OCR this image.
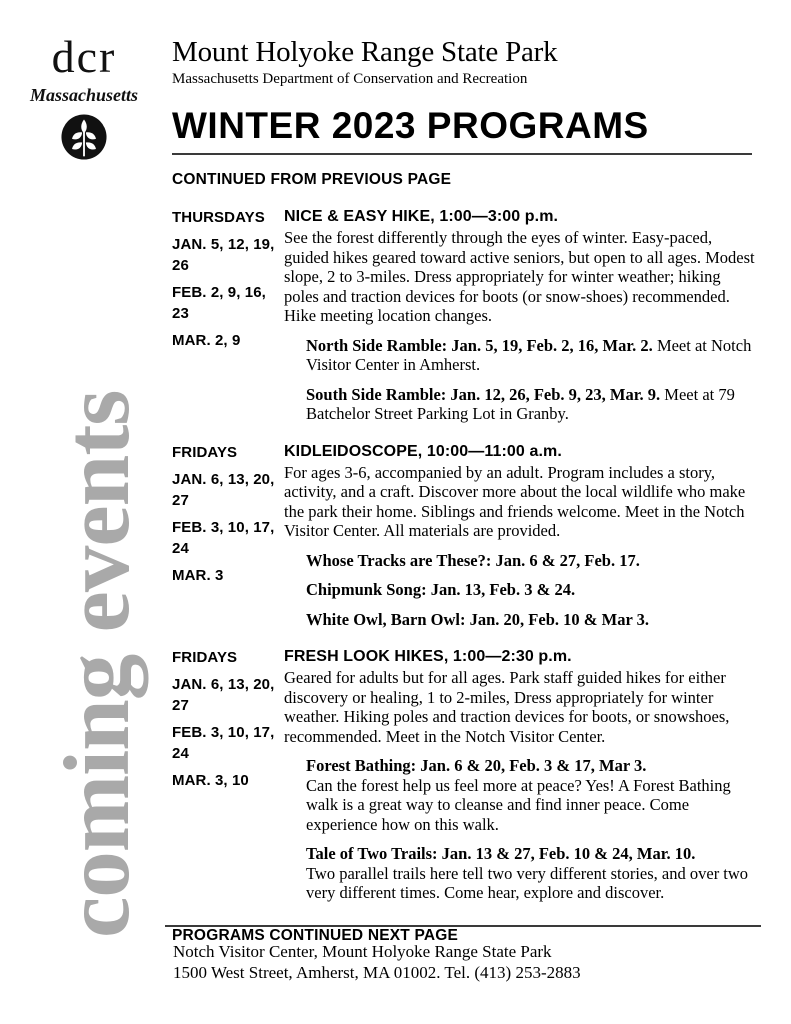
dcr
Massachusetts
coming events
Mount Holyoke Range State Park
Massachusetts Department of Conservation and Recreation
WINTER 2023 PROGRAMS
CONTINUED FROM PREVIOUS PAGE
THURSDAYS
JAN. 5, 12, 19, 26
FEB. 2, 9, 16, 23
MAR. 2, 9
NICE & EASY HIKE, 1:00—3:00 p.m.
See the forest differently through the eyes of winter. Easy-paced, guided hikes geared toward active seniors, but open to all ages. Modest slope, 2 to 3-miles. Dress appropriately for winter weather; hiking poles and traction devices for boots (or snow-shoes) recommended. Hike meeting location changes.
North Side Ramble: Jan. 5, 19, Feb. 2, 16, Mar. 2. Meet at Notch Visitor Center in Amherst.
South Side Ramble: Jan. 12, 26, Feb. 9, 23, Mar. 9. Meet at 79 Batchelor Street Parking Lot in Granby.
FRIDAYS
JAN. 6, 13, 20, 27
FEB. 3, 10, 17, 24
MAR. 3
KIDLEIDOSCOPE, 10:00—11:00 a.m.
For ages 3-6, accompanied by an adult. Program includes a story, activity, and a craft. Discover more about the local wildlife who make the park their home. Siblings and friends welcome. Meet in the Notch Visitor Center. All materials are provided.
Whose Tracks are These?: Jan. 6 & 27, Feb. 17.
Chipmunk Song: Jan. 13, Feb. 3 & 24.
White Owl, Barn Owl: Jan. 20, Feb. 10 & Mar 3.
FRIDAYS
JAN. 6, 13, 20, 27
FEB. 3, 10, 17, 24
MAR. 3, 10
FRESH LOOK HIKES, 1:00—2:30 p.m.
Geared for adults but for all ages. Park staff guided hikes for either discovery or healing, 1 to 2-miles, Dress appropriately for winter weather. Hiking poles and traction devices for boots, or snowshoes, recommended. Meet in the Notch Visitor Center.
Forest Bathing: Jan. 6 & 20, Feb. 3 & 17, Mar 3.
Can the forest help us feel more at peace? Yes! A Forest Bathing walk is a great way to cleanse and find inner peace. Come experience how on this walk.
Tale of Two Trails: Jan. 13 & 27, Feb. 10 & 24, Mar. 10.
Two parallel trails here tell two very different stories, and over two very different times. Come hear, explore and discover.
PROGRAMS CONTINUED NEXT PAGE
Notch Visitor Center, Mount Holyoke Range State Park
1500 West Street, Amherst, MA 01002. Tel. (413) 253-2883
